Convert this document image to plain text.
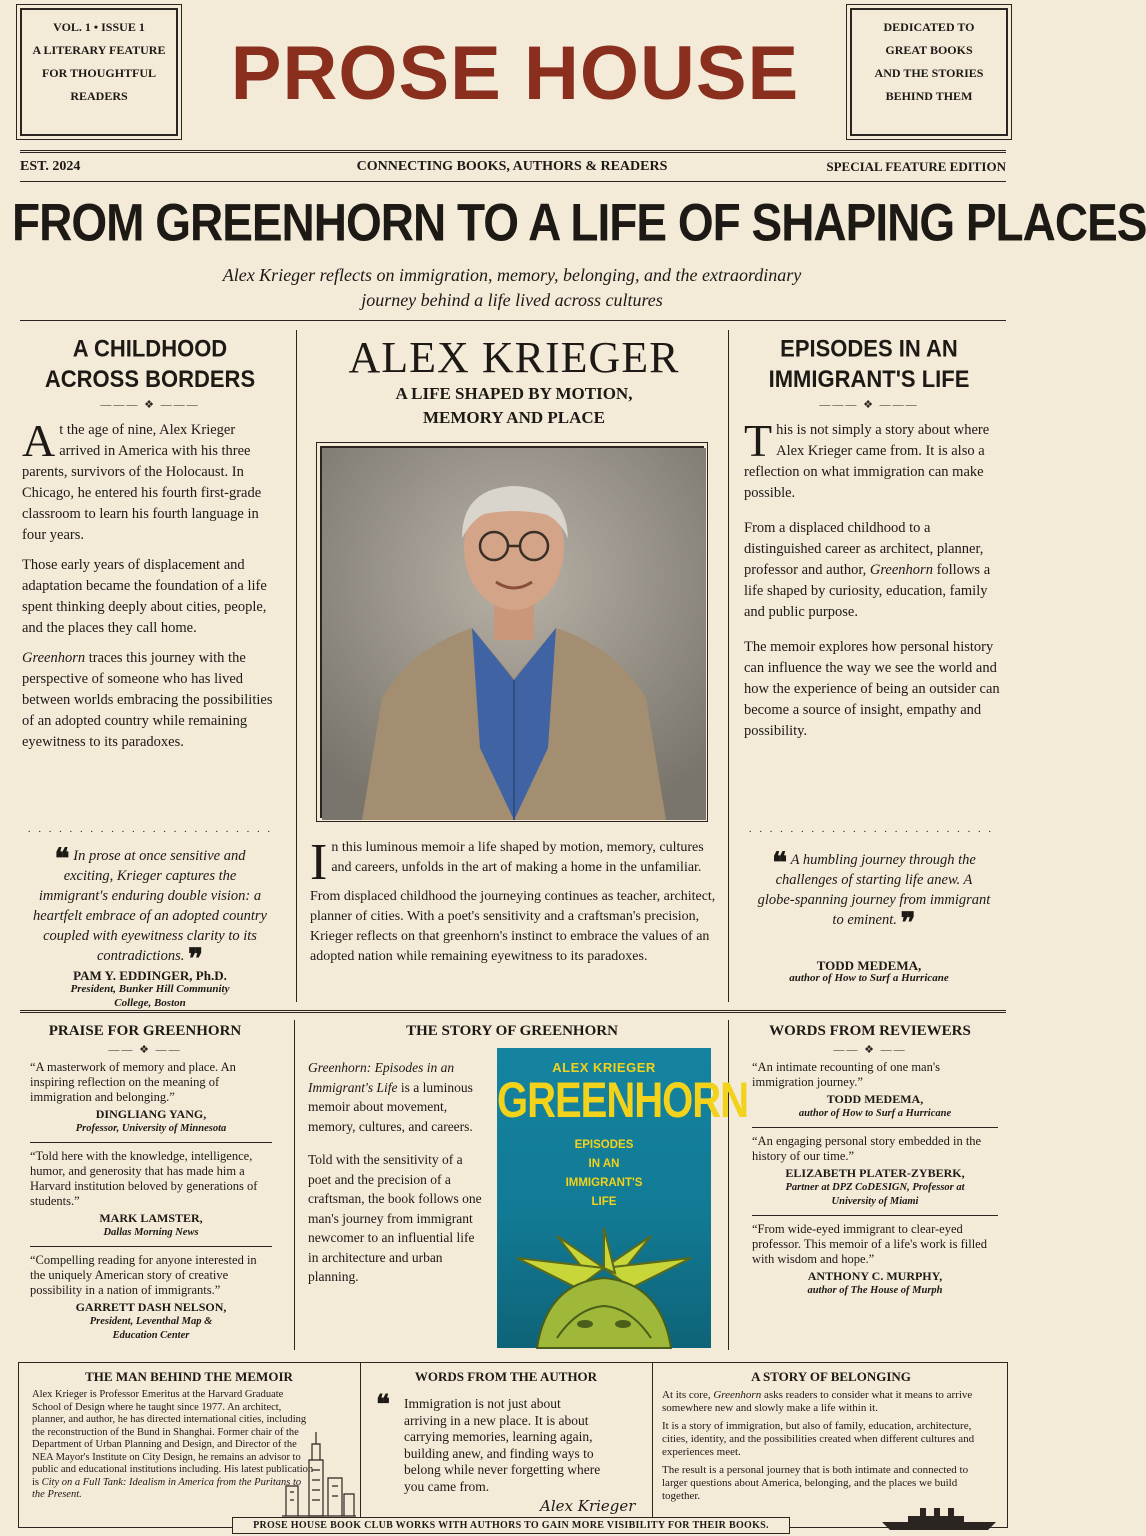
VOL. 1 • ISSUE 1
A LITERARY FEATURE
FOR THOUGHTFUL
READERS	PROSE HOUSE
DEDICATED TO
GREAT BOOKS
AND THE STORIES
BEHIND THEM
EST. 2024	CONNECTING BOOKS, AUTHORS & READERS	SPECIAL FEATURE EDITION
FROM GREENHORN TO A LIFE OF SHAPING PLACES
Alex Krieger reflects on immigration, memory, belonging, and the extraordinary
journey behind a life lived across cultures
A CHILDHOOD
ACROSS BORDERS
——— ❖ ———

At the age of nine, Alex Krieger arrived in America with his three parents, survivors of the Holocaust. In Chicago, he entered his fourth first-grade classroom to learn his fourth language in four years.

Those early years of displacement and adaptation became the foundation of a life spent thinking deeply about cities, people, and the places they call home.

Greenhorn traces this journey with the perspective of someone who has lived between worlds embracing the possibilities of an adopted country while remaining eyewitness to its paradoxes.

· · · · · · · · · · · · · · · · · · · · · · · ·
❝ In prose at once sensitive and exciting, Krieger captures the immigrant's enduring double vision: a heartfelt embrace of an adopted country coupled with eyewitness clarity to its contradictions. ❞
PAM Y. EDDINGER, Ph.D.
President, Bunker Hill Community
College, Boston
ALEX KRIEGER
A LIFE SHAPED BY MOTION,
MEMORY AND PLACE

In this luminous memoir a life shaped by motion, memory, cultures and careers, unfolds in the art of making a home in the unfamiliar.

From displaced childhood the journeying continues as teacher, architect, planner of cities. With a poet's sensitivity and a craftsman's precision, Krieger reflects on that greenhorn's instinct to embrace the values of an adopted nation while remaining eyewitness to its paradoxes.

EPISODES IN AN
IMMIGRANT'S LIFE
——— ❖ ———

This is not simply a story about where Alex Krieger came from. It is also a reflection on what immigration can make possible.

From a displaced childhood to a distinguished career as architect, planner, professor and author, Greenhorn follows a life shaped by curiosity, education, family and public purpose.

The memoir explores how personal history can influence the way we see the world and how the experience of being an outsider can become a source of insight, empathy and possibility.

· · · · · · · · · · · · · · · · · · · · · · · ·
❝ A humbling journey through the challenges of starting life anew. A globe-spanning journey from immigrant to eminent. ❞
TODD MEDEMA,
author of How to Surf a Hurricane
PRAISE FOR GREENHORN
—— ❖ ——
“A masterwork of memory and place. An inspiring reflection on the meaning of immigration and belonging.”
DINGLIANG YANG,
Professor, University of Minnesota
“Told here with the knowledge, intelligence, humor, and generosity that has made him a Harvard institution beloved by generations of students.”
MARK LAMSTER,
Dallas Morning News
“Compelling reading for anyone interested in the uniquely American story of creative possibility in a nation of immigrants.”
GARRETT DASH NELSON,
President, Leventhal Map & Education Center
THE STORY OF GREENHORN

Greenhorn: Episodes in an Immigrant's Life is a luminous memoir about movement, memory, cultures, and careers.

Told with the sensitivity of a poet and the precision of a craftsman, the book follows one man's journey from immigrant newcomer to an influential life in architecture and urban planning.

ALEX KRIEGER
GREENHORN
EPISODES
IN AN
IMMIGRANT'S
LIFE
WORDS FROM REVIEWERS
—— ❖ ——
“An intimate recounting of one man's immigration journey.”
TODD MEDEMA,
author of How to Surf a Hurricane
“An engaging personal story embedded in the history of our time.”
ELIZABETH PLATER-ZYBERK,
Partner at DPZ CoDESIGN, Professor at University of Miami
“From wide-eyed immigrant to clear-eyed professor. This memoir of a life's work is filled with wisdom and hope.”
ANTHONY C. MURPHY,
author of The House of Murph
THE MAN BEHIND THE MEMOIR
Alex Krieger is Professor Emeritus at the Harvard Graduate School of Design where he taught since 1977. An architect, planner, and author, he has directed international cities, including the reconstruction of the Bund in Shanghai. Former chair of the Department of Urban Planning and Design, and Director of the NEA Mayor's Institute on City Design, he remains an advisor to public and educational institutions including. His latest publication is City on a Full Tank: Idealism in America from the Puritans to the Present.
WORDS FROM THE AUTHOR
❝	Immigration is not just about arriving in a new place. It is about carrying memories, learning again, building anew, and finding ways to belong while never forgetting where you came from.
Alex Krieger
A STORY OF BELONGING

At its core, Greenhorn asks readers to consider what it means to arrive somewhere new and slowly make a life within it.

It is a story of immigration, but also of family, education, architecture, cities, identity, and the possibilities created when different cultures and experiences meet.

The result is a personal journey that is both intimate and connected to larger questions about America, belonging, and the places we build together.

PROSE HOUSE BOOK CLUB WORKS WITH AUTHORS TO GAIN MORE VISIBILITY FOR THEIR BOOKS.
